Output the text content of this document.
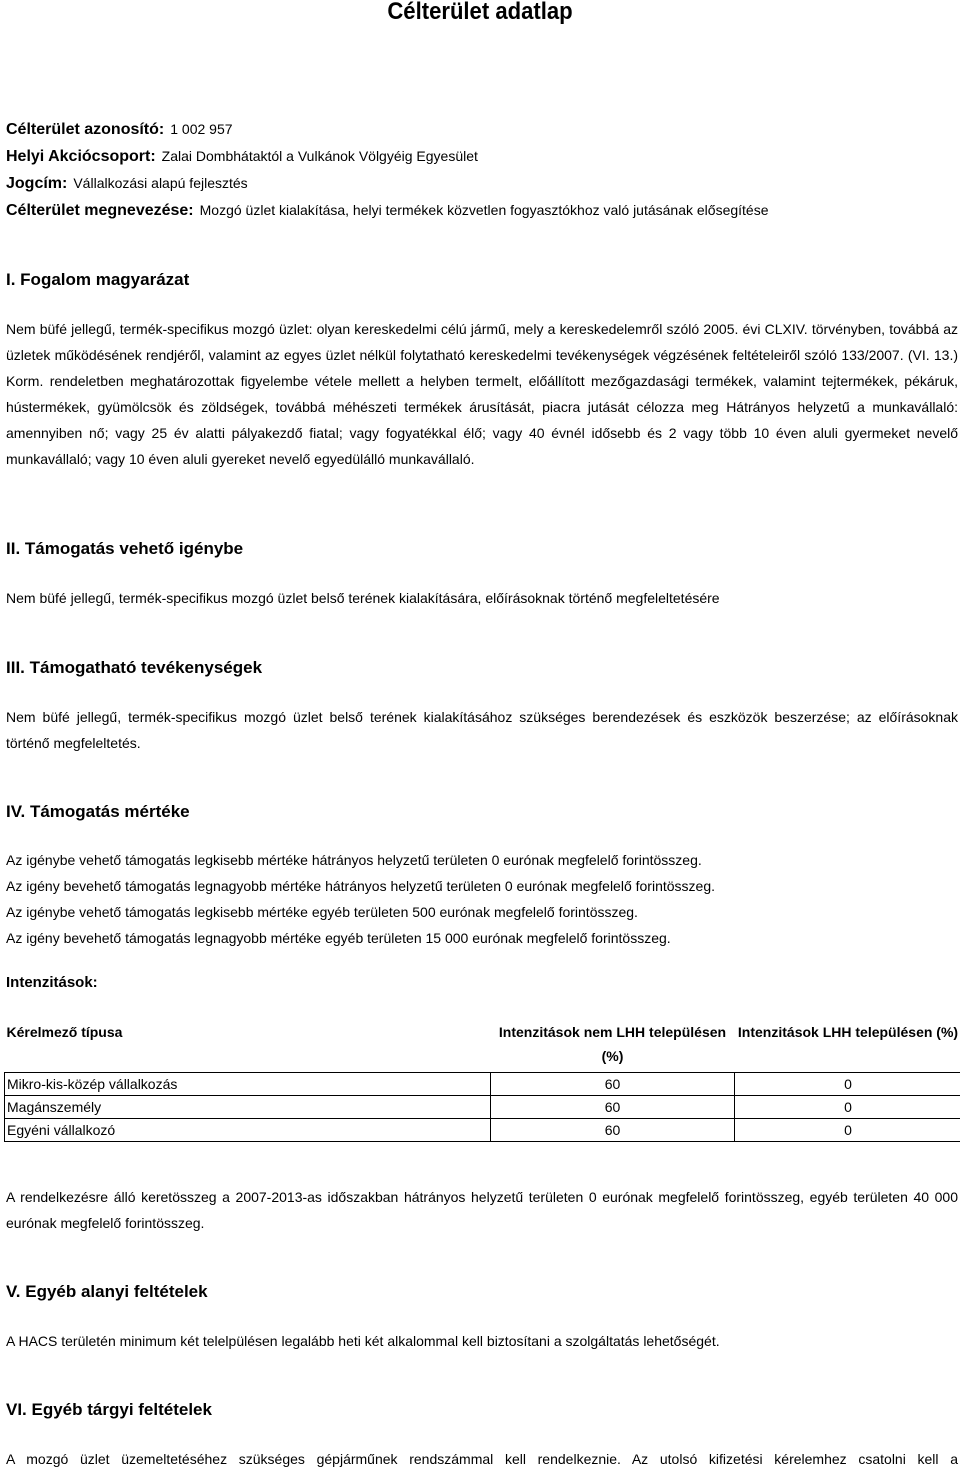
Célterület adatlap
Célterület azonosító: 1 002 957
Helyi Akciócsoport: Zalai Dombhátaktól a Vulkánok Völgyéig Egyesület
Jogcím: Vállalkozási alapú fejlesztés
Célterület megnevezése: Mozgó üzlet kialakítása, helyi termékek közvetlen fogyasztókhoz való jutásának elősegítése
I. Fogalom magyarázat
Nem büfé jellegű, termék-specifikus mozgó üzlet: olyan kereskedelmi célú jármű, mely a kereskedelemről szóló 2005. évi CLXIV. törvényben, továbbá az üzletek működésének rendjéről, valamint az egyes üzlet nélkül folytatható kereskedelmi tevékenységek végzésének feltételeiről szóló 133/2007. (VI. 13.) Korm. rendeletben meghatározottak figyelembe vétele mellett a helyben termelt, előállított mezőgazdasági termékek, valamint tejtermékek, pékáruk, hústermékek, gyümölcsök és zöldségek, továbbá méhészeti termékek árusítását, piacra jutását célozza meg Hátrányos helyzetű a munkavállaló: amennyiben nő; vagy 25 év alatti pályakezdő fiatal; vagy fogyatékkal élő; vagy 40 évnél idősebb és 2 vagy több 10 éven aluli gyermeket nevelő munkavállaló; vagy 10 éven aluli gyereket nevelő egyedülálló munkavállaló.
II. Támogatás vehető igénybe
Nem büfé jellegű, termék-specifikus mozgó üzlet belső terének kialakítására, előírásoknak történő megfeleltetésére
III. Támogatható tevékenységek
Nem büfé jellegű, termék-specifikus mozgó üzlet belső terének kialakításához szükséges berendezések és eszközök beszerzése; az előírásoknak történő megfeleltetés.
IV. Támogatás mértéke
Az igénybe vehető támogatás legkisebb mértéke hátrányos helyzetű területen 0 eurónak megfelelő forintösszeg.
Az igény bevehető támogatás legnagyobb mértéke hátrányos helyzetű területen 0 eurónak megfelelő forintösszeg.
Az igénybe vehető támogatás legkisebb mértéke egyéb területen 500 eurónak megfelelő forintösszeg.
Az igény bevehető támogatás legnagyobb mértéke egyéb területen 15 000 eurónak megfelelő forintösszeg.
Intenzitások:
Kérelmező típusa	Intenzitások nem LHH településen (%)	Intenzitások LHH településen (%)
Mikro-kis-közép vállalkozás	60	0
Magánszemély	60	0
Egyéni vállalkozó	60	0
A rendelkezésre álló keretösszeg a 2007-2013-as időszakban hátrányos helyzetű területen 0 eurónak megfelelő forintösszeg, egyéb területen 40 000 eurónak megfelelő forintösszeg.
V. Egyéb alanyi feltételek
A HACS területén minimum két telelpülésen legalább heti két alkalommal kell biztosítani a szolgáltatás lehetőségét.
VI. Egyéb tárgyi feltételek
A mozgó üzlet üzemeltetéséhez szükséges gépjárműnek rendszámmal kell rendelkeznie. Az utolsó kifizetési kérelemhez csatolni kell a
